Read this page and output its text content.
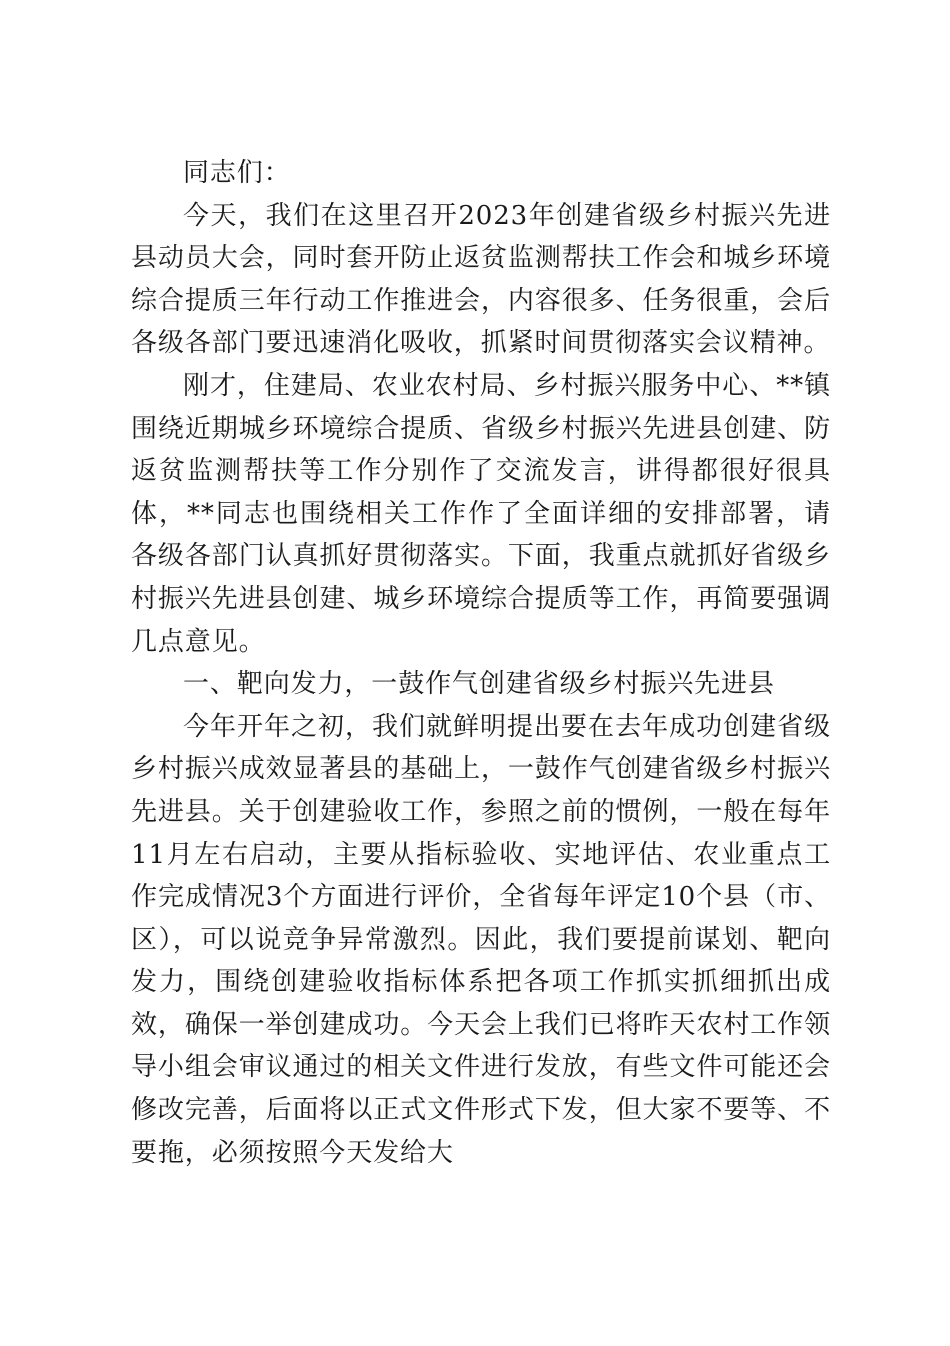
同志们：

今天，我们在这里召开2023年创建省级乡村振兴先进县动员大会，同时套开防止返贫监测帮扶工作会和城乡环境综合提质三年行动工作推进会，内容很多、任务很重，会后各级各部门要迅速消化吸收，抓紧时间贯彻落实会议精神。

刚才，住建局、农业农村局、乡村振兴服务中心、**镇围绕近期城乡环境综合提质、省级乡村振兴先进县创建、防返贫监测帮扶等工作分别作了交流发言，讲得都很好很具体，**同志也围绕相关工作作了全面详细的安排部署，请各级各部门认真抓好贯彻落实。下面，我重点就抓好省级乡村振兴先进县创建、城乡环境综合提质等工作，再简要强调几点意见。

一、靶向发力，一鼓作气创建省级乡村振兴先进县

今年开年之初，我们就鲜明提出要在去年成功创建省级乡村振兴成效显著县的基础上，一鼓作气创建省级乡村振兴先进县。关于创建验收工作，参照之前的惯例，一般在每年11月左右启动，主要从指标验收、实地评估、农业重点工作完成情况3个方面进行评价，全省每年评定10个县（市、区），可以说竞争异常激烈。因此，我们要提前谋划、靶向发力，围绕创建验收指标体系把各项工作抓实抓细抓出成效，确保一举创建成功。今天会上我们已将昨天农村工作领导小组会审议通过的相关文件进行发放，有些文件可能还会修改完善，后面将以正式文件形式下发，但大家不要等、不要拖，必须按照今天发给大
